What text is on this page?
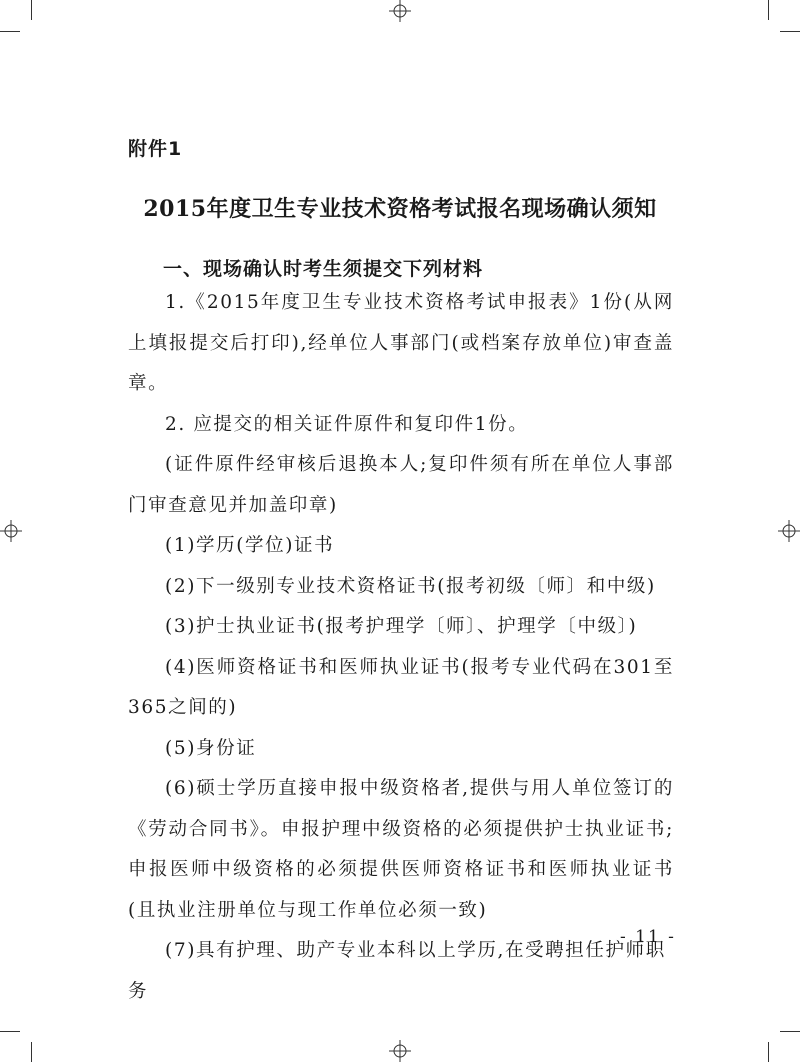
附件1
2015年度卫生专业技术资格考试报名现场确认须知
一、现场确认时考生须提交下列材料

1.《2015年度卫生专业技术资格考试申报表》1份(从网上填报提交后打印),经单位人事部门(或档案存放单位)审查盖章。

2. 应提交的相关证件原件和复印件1份。

(证件原件经审核后退换本人;复印件须有所在单位人事部门审查意见并加盖印章)

(1)学历(学位)证书

(2)下一级别专业技术资格证书(报考初级〔师〕和中级)

(3)护士执业证书(报考护理学〔师〕、护理学〔中级〕)

(4)医师资格证书和医师执业证书(报考专业代码在301至365之间的)

(5)身份证

(6)硕士学历直接申报中级资格者,提供与用人单位签订的《劳动合同书》。申报护理中级资格的必须提供护士执业证书;申报医师中级资格的必须提供医师资格证书和医师执业证书(且执业注册单位与现工作单位必须一致)

(7)具有护理、助产专业本科以上学历,在受聘担任护师职务

- 11 -
